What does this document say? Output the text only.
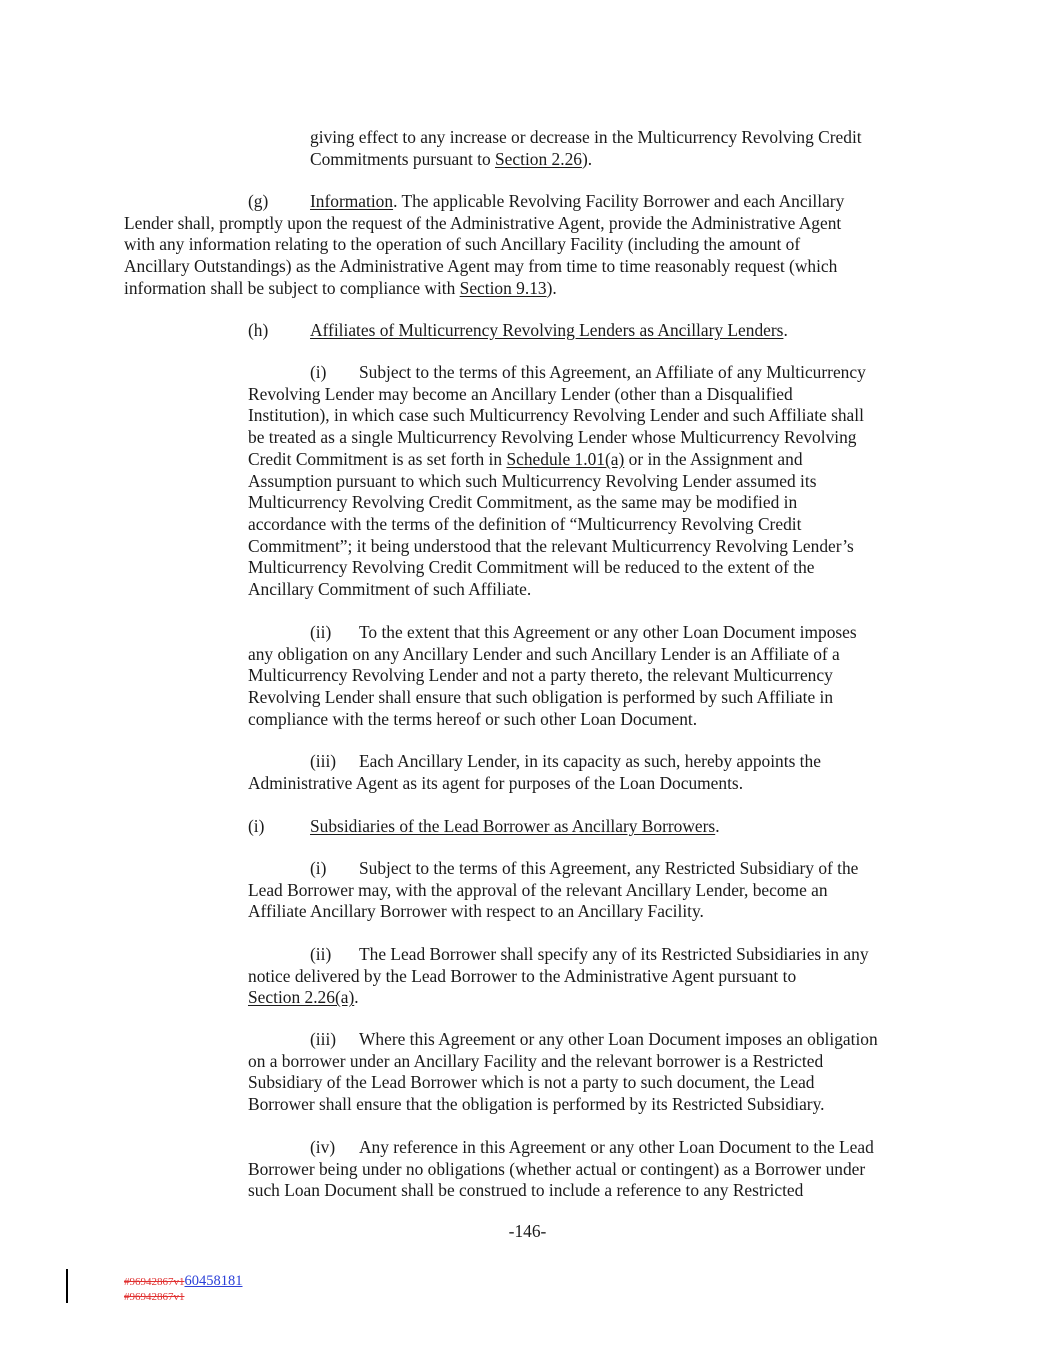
giving effect to any increase or decrease in the Multicurrency Revolving Credit
Commitments pursuant to Section 2.26).
(g) Information. The applicable Revolving Facility Borrower and each Ancillary
Lender shall, promptly upon the request of the Administrative Agent, provide the Administrative Agent
with any information relating to the operation of such Ancillary Facility (including the amount of
Ancillary Outstandings) as the Administrative Agent may from time to time reasonably request (which
information shall be subject to compliance with Section 9.13).
(h) Affiliates of Multicurrency Revolving Lenders as Ancillary Lenders.
(i) Subject to the terms of this Agreement, an Affiliate of any Multicurrency
Revolving Lender may become an Ancillary Lender (other than a Disqualified
Institution), in which case such Multicurrency Revolving Lender and such Affiliate shall
be treated as a single Multicurrency Revolving Lender whose Multicurrency Revolving
Credit Commitment is as set forth in Schedule 1.01(a) or in the Assignment and
Assumption pursuant to which such Multicurrency Revolving Lender assumed its
Multicurrency Revolving Credit Commitment, as the same may be modified in
accordance with the terms of the definition of “Multicurrency Revolving Credit
Commitment”; it being understood that the relevant Multicurrency Revolving Lender’s
Multicurrency Revolving Credit Commitment will be reduced to the extent of the
Ancillary Commitment of such Affiliate.
(ii) To the extent that this Agreement or any other Loan Document imposes
any obligation on any Ancillary Lender and such Ancillary Lender is an Affiliate of a
Multicurrency Revolving Lender and not a party thereto, the relevant Multicurrency
Revolving Lender shall ensure that such obligation is performed by such Affiliate in
compliance with the terms hereof or such other Loan Document.
(iii) Each Ancillary Lender, in its capacity as such, hereby appoints the
Administrative Agent as its agent for purposes of the Loan Documents.
(i)	Subsidiaries of the Lead Borrower as Ancillary Borrowers.
(i) Subject to the terms of this Agreement, any Restricted Subsidiary of the
Lead Borrower may, with the approval of the relevant Ancillary Lender, become an
Affiliate Ancillary Borrower with respect to an Ancillary Facility.
(ii) The Lead Borrower shall specify any of its Restricted Subsidiaries in any
notice delivered by the Lead Borrower to the Administrative Agent pursuant to
Section 2.26(a).
(iii) Where this Agreement or any other Loan Document imposes an obligation
on a borrower under an Ancillary Facility and the relevant borrower is a Restricted
Subsidiary of the Lead Borrower which is not a party to such document, the Lead
Borrower shall ensure that the obligation is performed by its Restricted Subsidiary.
(iv) Any reference in this Agreement or any other Loan Document to the Lead
Borrower being under no obligations (whether actual or contingent) as a Borrower under
such Loan Document shall be construed to include a reference to any Restricted
-146-
#96942867v160458181
#96942867v1
